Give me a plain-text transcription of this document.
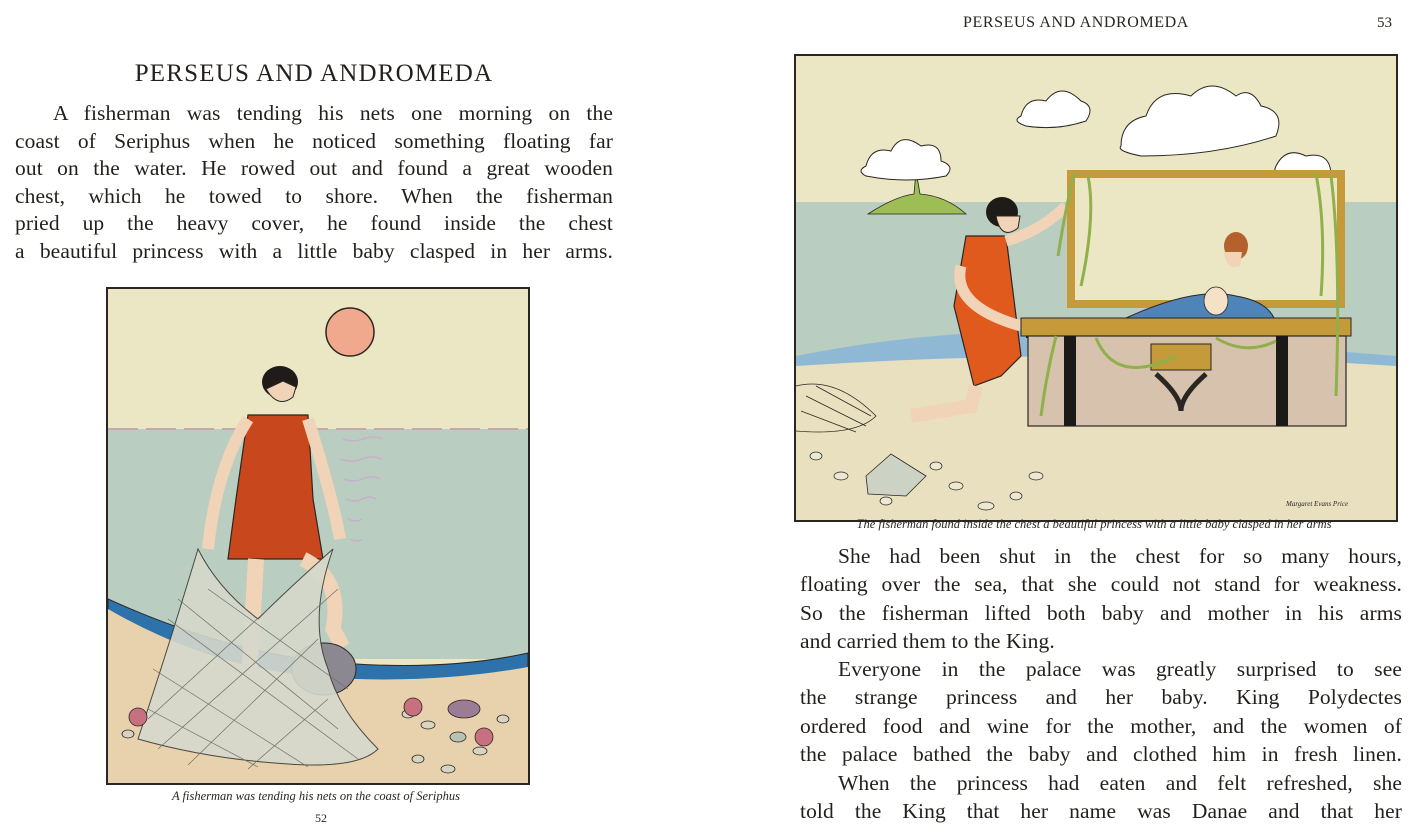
PERSEUS AND ANDROMEDA
A fisherman was tending his nets one morning on the
coast of Seriphus when he noticed something floating far
out on the water. He rowed out and found a great wooden
chest, which he towed to shore. When the fisherman
pried up the heavy cover, he found inside the chest
a beautiful princess with a little baby clasped in her arms.
A fisherman was tending his nets on the coast of Seriphus
52
PERSEUS AND ANDROMEDA	53
Margaret Evans Price
The fisherman found inside the chest a beautiful princess with a little baby clasped in her arms
She had been shut in the chest for so many hours,
floating over the sea, that she could not stand for weakness.
So the fisherman lifted both baby and mother in his arms
and carried them to the King.
Everyone in the palace was greatly surprised to see
the strange princess and her baby. King Polydectes
ordered food and wine for the mother, and the women of
the palace bathed the baby and clothed him in fresh linen.
When the princess had eaten and felt refreshed, she
told the King that her name was Danae and that her
